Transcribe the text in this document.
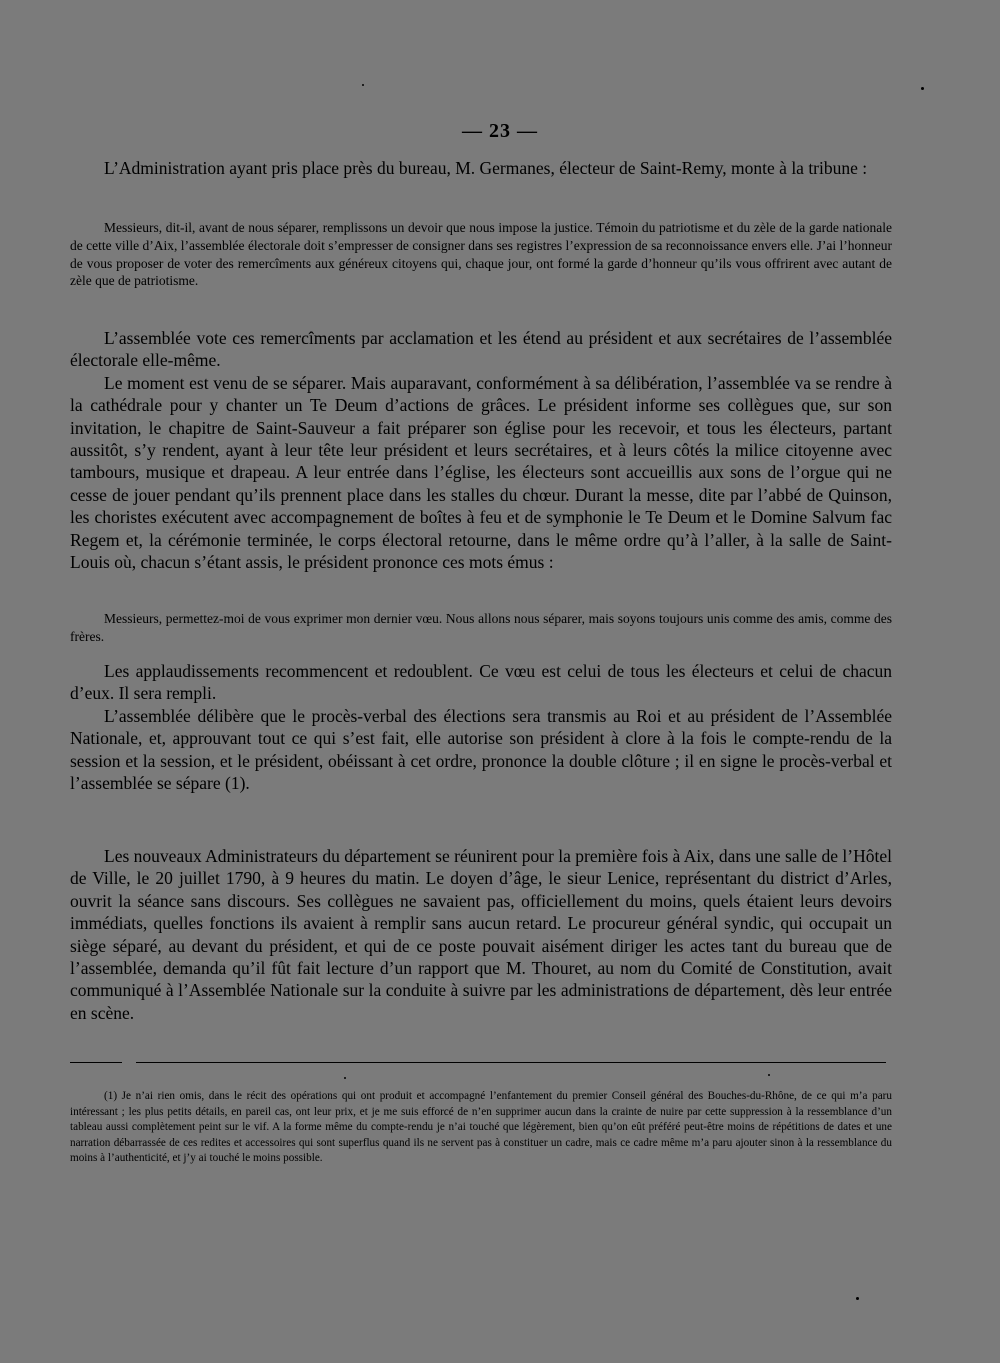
— 23 —

L’Administration ayant pris place près du bureau, M. Germanes, électeur de Saint-Remy, monte à la tribune :

Messieurs, dit-il, avant de nous séparer, remplissons un devoir que nous impose la justice. Témoin du patriotisme et du zèle de la garde nationale de cette ville d’Aix, l’assemblée électorale doit s’empresser de consigner dans ses registres l’expression de sa reconnoissance envers elle. J’ai l’honneur de vous proposer de voter des remercîments aux généreux citoyens qui, chaque jour, ont formé la garde d’honneur qu’ils vous offrirent avec autant de zèle que de patriotisme.

L’assemblée vote ces remercîments par acclamation et les étend au président et aux secrétaires de l’assemblée électorale elle-même.

Le moment est venu de se séparer. Mais auparavant, conformément à sa délibération, l’assemblée va se rendre à la cathédrale pour y chanter un Te Deum d’actions de grâces. Le président informe ses collègues que, sur son invitation, le chapitre de Saint-Sauveur a fait préparer son église pour les recevoir, et tous les électeurs, partant aussitôt, s’y rendent, ayant à leur tête leur président et leurs secrétaires, et à leurs côtés la milice citoyenne avec tambours, musique et drapeau. A leur entrée dans l’église, les électeurs sont accueillis aux sons de l’orgue qui ne cesse de jouer pendant qu’ils prennent place dans les stalles du chœur. Durant la messe, dite par l’abbé de Quinson, les choristes exécutent avec accompagnement de boîtes à feu et de symphonie le Te Deum et le Domine Salvum fac Regem et, la cérémonie terminée, le corps électoral retourne, dans le même ordre qu’à l’aller, à la salle de Saint-Louis où, chacun s’étant assis, le président prononce ces mots émus :

Messieurs, permettez-moi de vous exprimer mon dernier vœu. Nous allons nous séparer, mais soyons toujours unis comme des amis, comme des frères.

Les applaudissements recommencent et redoublent. Ce vœu est celui de tous les électeurs et celui de chacun d’eux. Il sera rempli.

L’assemblée délibère que le procès-verbal des élections sera transmis au Roi et au président de l’Assemblée Nationale, et, approuvant tout ce qui s’est fait, elle autorise son président à clore à la fois le compte-rendu de la session et la session, et le président, obéissant à cet ordre, prononce la double clôture ; il en signe le procès-verbal et l’assemblée se sépare (1).

Les nouveaux Administrateurs du département se réunirent pour la première fois à Aix, dans une salle de l’Hôtel de Ville, le 20 juillet 1790, à 9 heures du matin. Le doyen d’âge, le sieur Lenice, représentant du district d’Arles, ouvrit la séance sans discours. Ses collègues ne savaient pas, officiellement du moins, quels étaient leurs devoirs immédiats, quelles fonctions ils avaient à remplir sans aucun retard. Le procureur général syndic, qui occupait un siège séparé, au devant du président, et qui de ce poste pouvait aisément diriger les actes tant du bureau que de l’assemblée, demanda qu’il fût fait lecture d’un rapport que M. Thouret, au nom du Comité de Constitution, avait communiqué à l’Assemblée Nationale sur la conduite à suivre par les administrations de département, dès leur entrée en scène.

(1) Je n’ai rien omis, dans le récit des opérations qui ont produit et accompagné l’enfantement du premier Conseil général des Bouches-du-Rhône, de ce qui m’a paru intéressant ; les plus petits détails, en pareil cas, ont leur prix, et je me suis efforcé de n’en supprimer aucun dans la crainte de nuire par cette suppression à la ressemblance d’un tableau aussi complètement peint sur le vif. A la forme même du compte-rendu je n’ai touché que légèrement, bien qu’on eût préféré peut-être moins de répétitions de dates et une narration débarrassée de ces redites et accessoires qui sont superflus quand ils ne servent pas à constituer un cadre, mais ce cadre même m’a paru ajouter sinon à la ressemblance du moins à l’authenticité, et j’y ai touché le moins possible.
